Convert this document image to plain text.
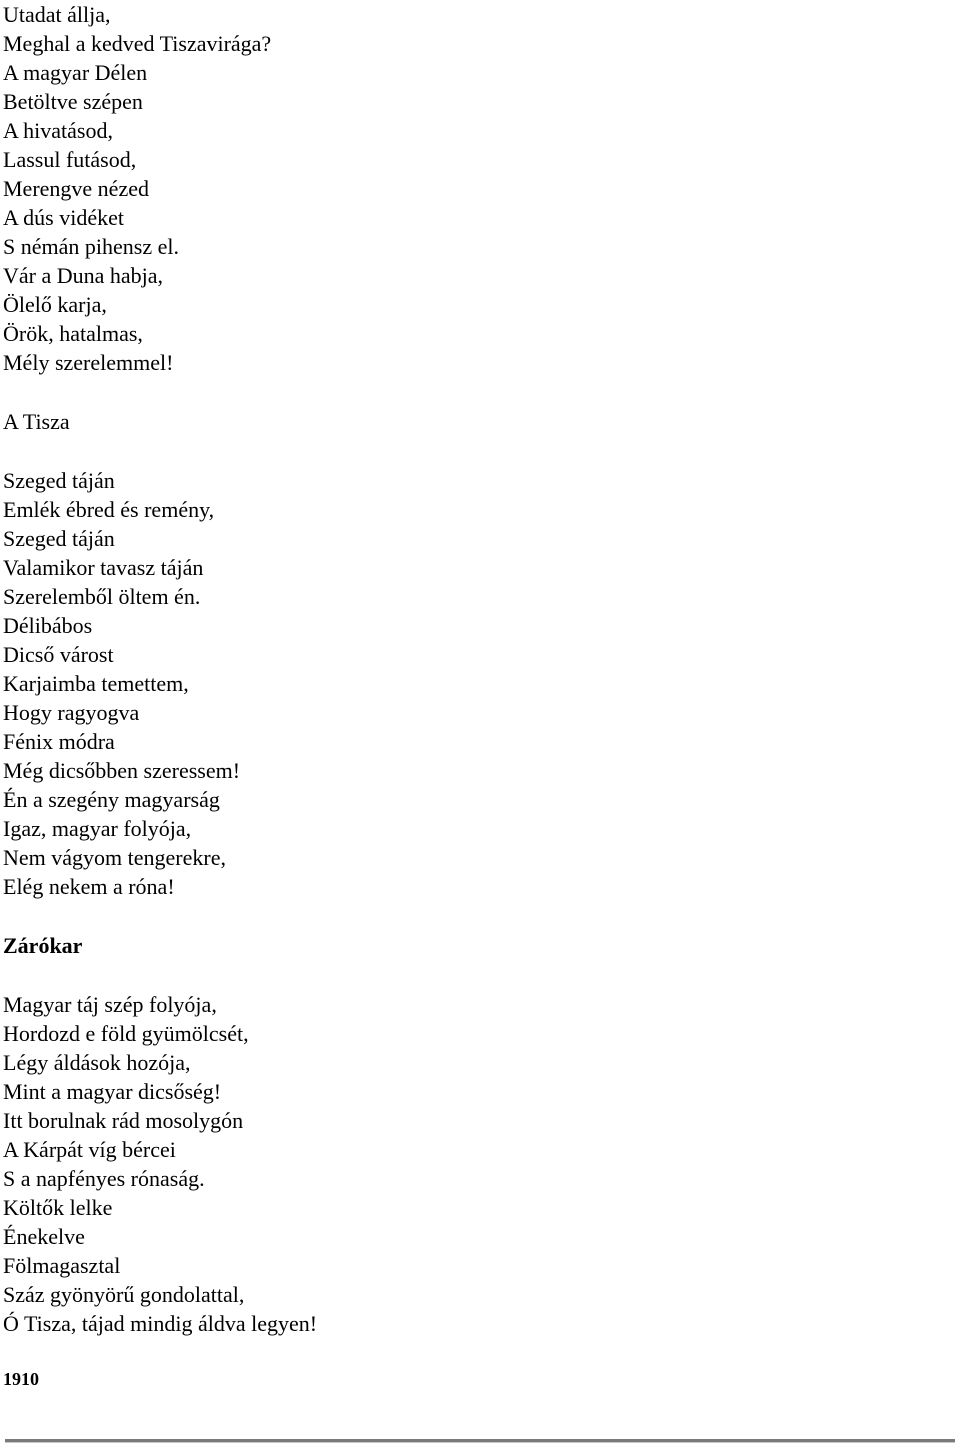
Utadat állja,
Meghal a kedved Tiszavirága?
A magyar Délen
Betöltve szépen
A hivatásod,
Lassul futásod,
Merengve nézed
A dús vidéket
S némán pihensz el.
Vár a Duna habja,
Ölelő karja,
Örök, hatalmas,
Mély szerelemmel!
A Tisza
Szeged táján
Emlék ébred és remény,
Szeged táján
Valamikor tavasz táján
Szerelemből öltem én.
Délibábos
Dicső várost
Karjaimba temettem,
Hogy ragyogva
Fénix módra
Még dicsőbben szeressem!
Én a szegény magyarság
Igaz, magyar folyója,
Nem vágyom tengerekre,
Elég nekem a róna!
Zárókar
Magyar táj szép folyója,
Hordozd e föld gyümölcsét,
Légy áldások hozója,
Mint a magyar dicsőség!
Itt borulnak rád mosolygón
A Kárpát víg bércei
S a napfényes rónaság.
Költők lelke
Énekelve
Fölmagasztal
Száz gyönyörű gondolattal,
Ó Tisza, tájad mindig áldva legyen!
1910
